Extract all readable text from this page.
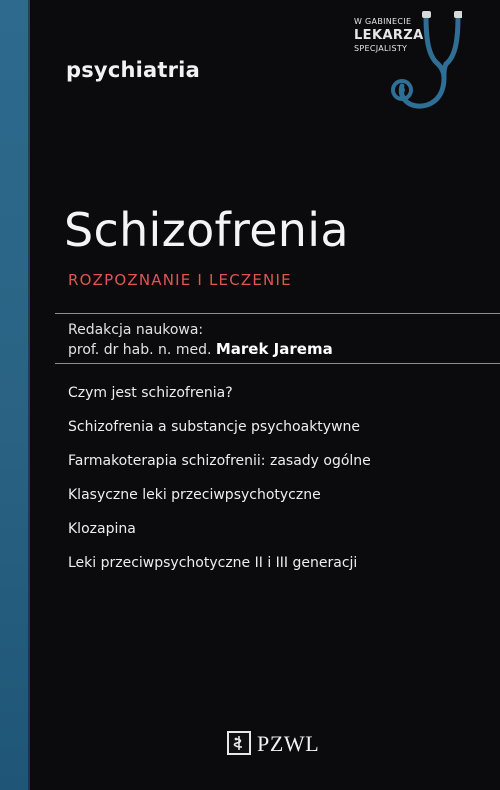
psychiatria
W GABINECIE
LEKARZA
SPECJALISTY
Schizofrenia
ROZPOZNANIE I LECZENIE
Redakcja naukowa:
prof. dr hab. n. med. Marek Jarema
Czym jest schizofrenia?
Schizofrenia a substancje psychoaktywne
Farmakoterapia schizofrenii: zasady ogólne
Klasyczne leki przeciwpsychotyczne
Klozapina
Leki przeciwpsychotyczne II i III generacji
PZWL
